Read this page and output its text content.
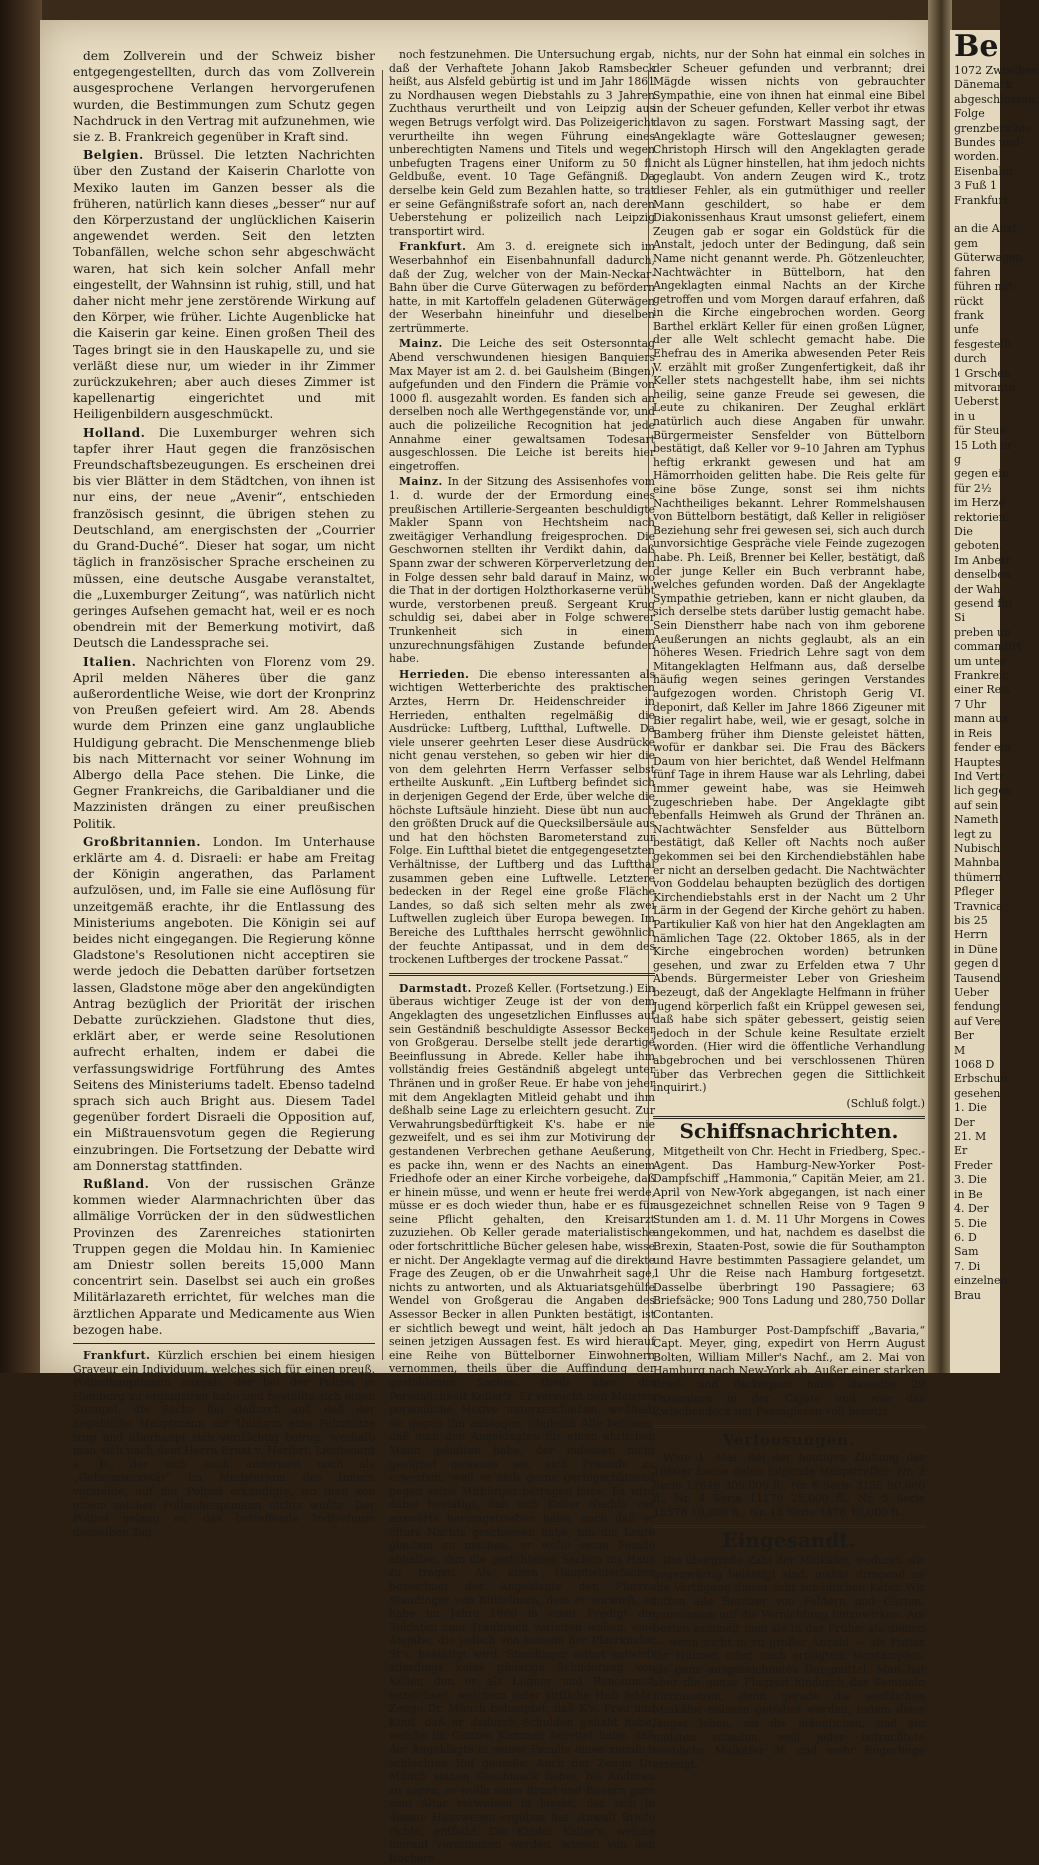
dem Zollverein und der Schweiz bisher entgegengestellten, durch das vom Zollverein ausgesprochene Verlangen hervorgerufenen wurden, die Bestimmungen zum Schutz gegen Nachdruck in den Vertrag mit aufzunehmen, wie sie z. B. Frankreich gegenüber in Kraft sind.

Belgien. Brüssel. Die letzten Nachrichten über den Zustand der Kaiserin Charlotte von Mexiko lauten im Ganzen besser als die früheren, natürlich kann dieses „besser“ nur auf den Körperzustand der unglücklichen Kaiserin angewendet werden. Seit den letzten Tobanfällen, welche schon sehr abgeschwächt waren, hat sich kein solcher Anfall mehr eingestellt, der Wahnsinn ist ruhig, still, und hat daher nicht mehr jene zerstörende Wirkung auf den Körper, wie früher. Lichte Augenblicke hat die Kaiserin gar keine. Einen großen Theil des Tages bringt sie in den Hauskapelle zu, und sie verläßt diese nur, um wieder in ihr Zimmer zurückzukehren; aber auch dieses Zimmer ist kapellenartig eingerichtet und mit Heiligenbildern ausgeschmückt.

Holland. Die Luxemburger wehren sich tapfer ihrer Haut gegen die französischen Freundschaftsbezeugungen. Es erscheinen drei bis vier Blätter in dem Städtchen, von ihnen ist nur eins, der neue „Avenir“, entschieden französisch gesinnt, die übrigen stehen zu Deutschland, am energischsten der „Courrier du Grand-Duché“. Dieser hat sogar, um nicht täglich in französischer Sprache erscheinen zu müssen, eine deutsche Ausgabe veranstaltet, die „Luxemburger Zeitung“, was natürlich nicht geringes Aufsehen gemacht hat, weil er es noch obendrein mit der Bemerkung motivirt, daß Deutsch die Landessprache sei.

Italien. Nachrichten von Florenz vom 29. April melden Näheres über die ganz außerordentliche Weise, wie dort der Kronprinz von Preußen gefeiert wird. Am 28. Abends wurde dem Prinzen eine ganz unglaubliche Huldigung gebracht. Die Menschenmenge blieb bis nach Mitternacht vor seiner Wohnung im Albergo della Pace stehen. Die Linke, die Gegner Frankreichs, die Garibaldianer und die Mazzinisten drängen zu einer preußischen Politik.

Großbritannien. London. Im Unterhause erklärte am 4. d. Disraeli: er habe am Freitag der Königin angerathen, das Parlament aufzulösen, und, im Falle sie eine Auflösung für unzeitgemäß erachte, ihr die Entlassung des Ministeriums angeboten. Die Königin sei auf beides nicht eingegangen. Die Regierung könne Gladstone's Resolutionen nicht acceptiren sie werde jedoch die Debatten darüber fortsetzen lassen, Gladstone möge aber den angekündigten Antrag bezüglich der Priorität der irischen Debatte zurückziehen. Gladstone thut dies, erklärt aber, er werde seine Resolutionen aufrecht erhalten, indem er dabei die verfassungswidrige Fortführung des Amtes Seitens des Ministeriums tadelt. Ebenso tadelnd sprach sich auch Bright aus. Diesem Tadel gegenüber fordert Disraeli die Opposition auf, ein Mißtrauensvotum gegen die Regierung einzubringen. Die Fortsetzung der Debatte wird am Donnerstag stattfinden.

Rußland. Von der russischen Gränze kommen wieder Alarmnachrichten über das allmälige Vorrücken der in den südwestlichen Provinzen des Zarenreiches stationirten Truppen gegen die Moldau hin. In Kamieniec am Dniestr sollen bereits 15,000 Mann concentrirt sein. Daselbst sei auch ein großes Militärlazareth errichtet, für welches man die ärztlichen Apparate und Medicamente aus Wien bezogen habe.

Frankfurt. Kürzlich erschien bei einem hiesigen Graveur ein Individuum, welches sich für einen preuß. Polizeihauptmann ausgab, der bei der Polizei in Homburg zu organisiren habe und bestellte sich einen Stempel; die Sache fiel dadurch auf, daß der angebliche Hauptmann zur Uniform eine Pelzmütze trug und überhaupt sich verdächtig beirug, weshalb man sich nach dem Herrn Ernst v. Herfort, Lieutenant a. D., der sich auch anderweit noch als „Geheimsecretär“ im Ministerium des Innern vorstellte, auf der Polizei erkundigte, wo man von einem solchen Polizeihauptmann nichts wußte. Der Polizei gelang es, das betreffende Individuum denselben Tag

noch festzunehmen. Die Untersuchung ergab, daß der Verhaftete Johann Jakob Ramsbeck heißt, aus Alsfeld gebürtig ist und im Jahr 1861 zu Nordhausen wegen Diebstahls zu 3 Jahren Zuchthaus verurtheilt und von Leipzig aus wegen Betrugs verfolgt wird. Das Polizeigericht verurtheilte ihn wegen Führung eines unberechtigten Namens und Titels und wegen unbefugten Tragens einer Uniform zu 50 fl. Geldbuße, event. 10 Tage Gefängniß. Da derselbe kein Geld zum Bezahlen hatte, so trat er seine Gefängnißstrafe sofort an, nach deren Ueberstehung er polizeilich nach Leipzig transportirt wird.

Frankfurt. Am 3. d. ereignete sich im Weserbahnhof ein Eisenbahnunfall dadurch, daß der Zug, welcher von der Main-Neckar-Bahn über die Curve Güterwagen zu befördern hatte, in mit Kartoffeln geladenen Güterwägen der Weserbahn hineinfuhr und dieselben zertrümmerte.

Mainz. Die Leiche des seit Ostersonntag Abend verschwundenen hiesigen Banquiers Max Mayer ist am 2. d. bei Gaulsheim (Bingen) aufgefunden und den Findern die Prämie von 1000 fl. ausgezahlt worden. Es fanden sich an derselben noch alle Werthgegenstände vor, und auch die polizeiliche Recognition hat jede Annahme einer gewaltsamen Todesart ausgeschlossen. Die Leiche ist bereits hier eingetroffen.

Mainz. In der Sitzung des Assisenhofes vom 1. d. wurde der der Ermordung eines preußischen Artillerie-Sergeanten beschuldigte Makler Spann von Hechtsheim nach zweitägiger Verhandlung freigesprochen. Die Geschwornen stellten ihr Verdikt dahin, daß Spann zwar der schweren Körperverletzung den in Folge dessen sehr bald darauf in Mainz, wo die That in der dortigen Holzthorkaserne verübt wurde, verstorbenen preuß. Sergeant Krug schuldig sei, dabei aber in Folge schwerer Trunkenheit sich in einem unzurechnungsfähigen Zustande befunden habe.

Herrieden. Die ebenso interessanten als wichtigen Wetterberichte des praktischen Arztes, Herrn Dr. Heidenschreider in Herrieden, enthalten regelmäßig die Ausdrücke: Luftberg, Luftthal, Luftwelle. Da viele unserer geehrten Leser diese Ausdrücke nicht genau verstehen, so geben wir hier die von dem gelehrten Herrn Verfasser selbst ertheilte Auskunft. „Ein Luftberg befindet sich in derjenigen Gegend der Erde, über welche die höchste Luftsäule hinzieht. Diese übt nun auch den größten Druck auf die Quecksilbersäule aus und hat den höchsten Barometerstand zur Folge. Ein Luftthal bietet die entgegengesetzten Verhältnisse, der Luftberg und das Luftthal zusammen geben eine Luftwelle. Letztere bedecken in der Regel eine große Fläche Landes, so daß sich selten mehr als zwei Luftwellen zugleich über Europa bewegen. Im Bereiche des Luftthales herrscht gewöhnlich der feuchte Antipassat, und in dem des trockenen Luftberges der trockene Passat.“

Darmstadt. Prozeß Keller. (Fortsetzung.) Ein überaus wichtiger Zeuge ist der von dem Angeklagten des ungesetzlichen Einflusses auf sein Geständniß beschuldigte Assessor Becker von Großgerau. Derselbe stellt jede derartige Beeinflussung in Abrede. Keller habe ihm vollständig freies Geständniß abgelegt unter Thränen und in großer Reue. Er habe von jeher mit dem Angeklagten Mitleid gehabt und ihm deßhalb seine Lage zu erleichtern gesucht. Zur Verwahrungsbedürftigkeit K's. habe er nie gezweifelt, und es sei ihm zur Motivirung der gestandenen Verbrechen gethane Aeußerung, es packe ihn, wenn er des Nachts an einem Friedhofe oder an einer Kirche vorbeigehe, daß er hinein müsse, und wenn er heute frei werde, müsse er es doch wieder thun, habe er es für seine Pflicht gehalten, den Kreisarzt zuzuziehen. Ob Keller gerade materialistische oder fortschrittliche Bücher gelesen habe, wisse er nicht. Der Angeklagte vermag auf die direkte Frage des Zeugen, ob er die Unwahrheit sage, nichts zu antworten, und als Aktuariatsgehülfe Wendel von Großgerau die Angaben des Assessor Becker in allen Punkten bestätigt, ist er sichtlich bewegt und weint, hält jedoch an seinen jetzigen Aussagen fest. Es wird hierauf eine Reihe von Büttelborner Einwohnern vernommen, theils über die Auffindung der gestohlenen Sachen, theils über die Persönlichkeit Keller's. Er versucht den Meisten persönliche Motive unterzuschieben, weßhalb sie gegen ihn aussagen, obgleich Alle betonen, daß man den Angeklagten für einen ehrlichen Mann gehalten habe, der indessen nicht geeignet gewesen sei, sich Freunde zu erwerben, weil er sich gerne geringschätzend gegen seine Mitbürger betragen habe. Es wird dabei bestätigt, daß sich Keller Nachts viel auswärts herumgetrieben habe, auch daß er öfters Nachts geschossen habe, um die Leute glauben zu machen, er wolle seine Feinde abhalten, ihm die gestohlenen Sachen ins Haus zu tragen. Als einen Hauptwiderfacher bezeichnet der Angeklagte den Pfarrer Staudinger von Büttelborn, dem er vorwirft, er habe im Jahre 1866 in einer Predigt die Soldaten zum Treubruch verleiten wollen, eine Angabe, die jedoch von keinem der Pfarrkinder St's. bestätigt wird. Staudinger selbst entwirft allerdings keine günstige Schilderung von Keller, den er als Lügner und Renommist bezeichnet, welchem jeder sittliche Halt fehle. Zeuge Dr. Münch behauptet, daß K's. Frau und Kind, daß er dadurch Schulden gehabt habe, welche im Ganzen Kummer bereitet habe, daß der Angeklagte in seiner Familie einen ziemlich schlechten Ruf genieße. Auch der Zeuge Dr. Münch seinen Geschmack lieber, bis Anderen zu sagen, er wolle seine Braut und Bauern gern vom Altar verweisen in lassen, der sich in dessen Hauswesen ergeben hat. Anwalt Briefe richte, entfeibt. Die Kinder Keller's, welche hierauf vernommen werden, wissen von den Büchern

nichts, nur der Sohn hat einmal ein solches in der Scheuer gefunden und verbrannt; drei Mägde wissen nichts von gebrauchter Sympathie, eine von ihnen hat einmal eine Bibel in der Scheuer gefunden, Keller verbot ihr etwas davon zu sagen. Forstwart Massing sagt, der Angeklagte wäre Gotteslaugner gewesen; Christoph Hirsch will den Angeklagten gerade nicht als Lügner hinstellen, hat ihm jedoch nichts geglaubt. Von andern Zeugen wird K., trotz dieser Fehler, als ein gutmüthiger und reeller Mann geschildert, so habe er dem Diakonissenhaus Kraut umsonst geliefert, einem Zeugen gab er sogar ein Goldstück für die Anstalt, jedoch unter der Bedingung, daß sein Name nicht genannt werde. Ph. Götzenleuchter, Nachtwächter in Büttelborn, hat den Angeklagten einmal Nachts an der Kirche getroffen und vom Morgen darauf erfahren, daß in die Kirche eingebrochen worden. Georg Barthel erklärt Keller für einen großen Lügner, der alle Welt schlecht gemacht habe. Die Ehefrau des in Amerika abwesenden Peter Reis V. erzählt mit großer Zungenfertigkeit, daß ihr Keller stets nachgestellt habe, ihm sei nichts heilig, seine ganze Freude sei gewesen, die Leute zu chikaniren. Der Zeughal erklärt natürlich auch diese Angaben für unwahr. Bürgermeister Sensfelder von Büttelborn bestätigt, daß Keller vor 9–10 Jahren am Typhus heftig erkrankt gewesen und hat am Hämorrhoiden gelitten habe. Die Reis gelte für eine böse Zunge, sonst sei ihm nichts Nachtheiliges bekannt. Lehrer Rommelshausen von Büttelborn bestätigt, daß Keller in religiöser Beziehung sehr frei gewesen sei, sich auch durch unvorsichtige Gespräche viele Feinde zugezogen habe. Ph. Leiß, Brenner bei Keller, bestätigt, daß der junge Keller ein Buch verbrannt habe, welches gefunden worden. Daß der Angeklagte Sympathie getrieben, kann er nicht glauben, da sich derselbe stets darüber lustig gemacht habe. Sein Dienstherr habe nach von ihm geborene Aeußerungen an nichts geglaubt, als an ein höheres Wesen. Friedrich Lehre sagt von dem Mitangeklagten Helfmann aus, daß derselbe häufig wegen seines geringen Verstandes aufgezogen worden. Christoph Gerig VI. deponirt, daß Keller im Jahre 1866 Zigeuner mit Bier regalirt habe, weil, wie er gesagt, solche in Bamberg früher ihm Dienste geleistet hätten, wofür er dankbar sei. Die Frau des Bäckers Daum von hier berichtet, daß Wendel Helfmann fünf Tage in ihrem Hause war als Lehrling, dabei immer geweint habe, was sie Heimweh zugeschrieben habe. Der Angeklagte gibt ebenfalls Heimweh als Grund der Thränen an. Nachtwächter Sensfelder aus Büttelborn bestätigt, daß Keller oft Nachts noch außer gekommen sei bei den Kirchendiebstählen habe er nicht an derselben gedacht. Die Nachtwächter von Goddelau behaupten bezüglich des dortigen Kirchendiebstahls erst in der Nacht um 2 Uhr Lärm in der Gegend der Kirche gehört zu haben. Partikulier Kaß von hier hat den Angeklagten am nämlichen Tage (22. Oktober 1865, als in der Kirche eingebrochen worden) betrunken gesehen, und zwar zu Erfelden etwa 7 Uhr Abends. Bürgermeister Leber von Griesheim bezeugt, daß der Angeklagte Helfmann in früher Jugend körperlich faßt ein Krüppel gewesen sei, daß habe sich später gebessert, geistig seien jedoch in der Schule keine Resultate erzielt worden. (Hier wird die öffentliche Verhandlung abgebrochen und bei verschlossenen Thüren über das Verbrechen gegen die Sittlichkeit inquirirt.)

(Schluß folgt.)

Schiffsnachrichten.

Mitgetheilt von Chr. Hecht in Friedberg, Spec.-Agent. Das Hamburg-New-Yorker Post-Dampfschiff „Hammonia,“ Capitän Meier, am 21. April von New-York abgegangen, ist nach einer ausgezeichnet schnellen Reise von 9 Tagen 9 Stunden am 1. d. M. 11 Uhr Morgens in Cowes angekommen, und hat, nachdem es daselbst die Brexin, Staaten-Post, sowie die für Southampton und Havre bestimmten Passagiere gelandet, um 1 Uhr die Reise nach Hamburg fortgesetzt. Dasselbe überbringt 190 Passagiere; 63 Briefsäcke; 900 Tons Ladung und 280,750 Dollar Contanten.

Das Hamburger Post-Dampfschiff „Bavaria,“ Capt. Meyer, ging, expedirt von Herrn August Bolten, William Miller's Nachf., am 2. Mai von Hamburg nach New-York ab. Außer einer starken Brief- und Packetpost hatte dasselbe 29 Passagiere in der Cajüte und war das Zwischendeck mit Passagieren voll besetzt.

Verloosungen.

Wien 1. Mai. Bei der heutigen Ziehung der 1860er Loose fielen folgende Haupttreffer: Nr. 2 Serie 17848 300,000 fl., Nr. 6 Serie 3155 50,000 fl., Nr. 4 Serie 11179 25,000 fl., Nr. 5 Serie 15576 10,000 fl., Nr. 15 Serie 1476 10,000 fl.

Eingesandt.

Die übergroße Zahl der Maikäfer, wodurch wir gegenwärtig belästigt sind, mahnt dringend an die Vertilgung dieser sehr schädlichen Käfer. Wir bitten alle Besitzer von Feldern und Gärten, gemeinsam auf die Vernichtung hinzuwirken. Am besten sammelt man sie in der Frühe; sie dienen — wenn nicht in zu großer Anzahl — als Futter für Hühner, oder, nach erfolgtem Verstampfen, als ganz ausgezeichnetes Dungmittel. Man hat aber die ganze Flugzeit hindurch das Sammeln fortzusetzen, denn gerade die weiblichen Maikäfer müssen getödtet werden, indem diese länger leben, als die männlichen, und am meisten schaden, weil jeder befruchtete weibliche Maikäfer 30 und mehr Engerlinge erzeugt.

Be
1072 Zwischen
Dänemark
abgeschlossen.
Folge
grenzberichte
Bundes und
worden.
Eisenbahn
3 Fuß 1
Frankfurt

an die Ausf
gem
Güterwagen
fahren
führen mit
rückt
frank
unfe
fesgestellt
durch
1 Grschen
mitvorantu
Ueberst
in u
für Steue
15 Loth er
g
gegen ein
für 2½
im Herzo
rektorien.
Die
geboten.
Im Anbetr
denselben
der Wah
gesend fin
Si
preben un
commandirt
um unter
Frankreic
einer Reis
7 Uhr
mann aus
in Reis
fender ein
Hauptes
Ind Vertr
lich gegen
auf sein
Nameth
legt zu
Nubisch
Mahnba
thümern
Pfleger
Travnica
bis 25
Herrn
in Düne
gegen d
Tausend
Ueber
fendung
auf Vere
Ber
M
1068 D
Erbschun
gesehen
1. Die
Der
21. M
Er
Freder
3. Die
in Be
4. Der
5. Die
6. D
Sam
7. Di
einzelnen
Brau
